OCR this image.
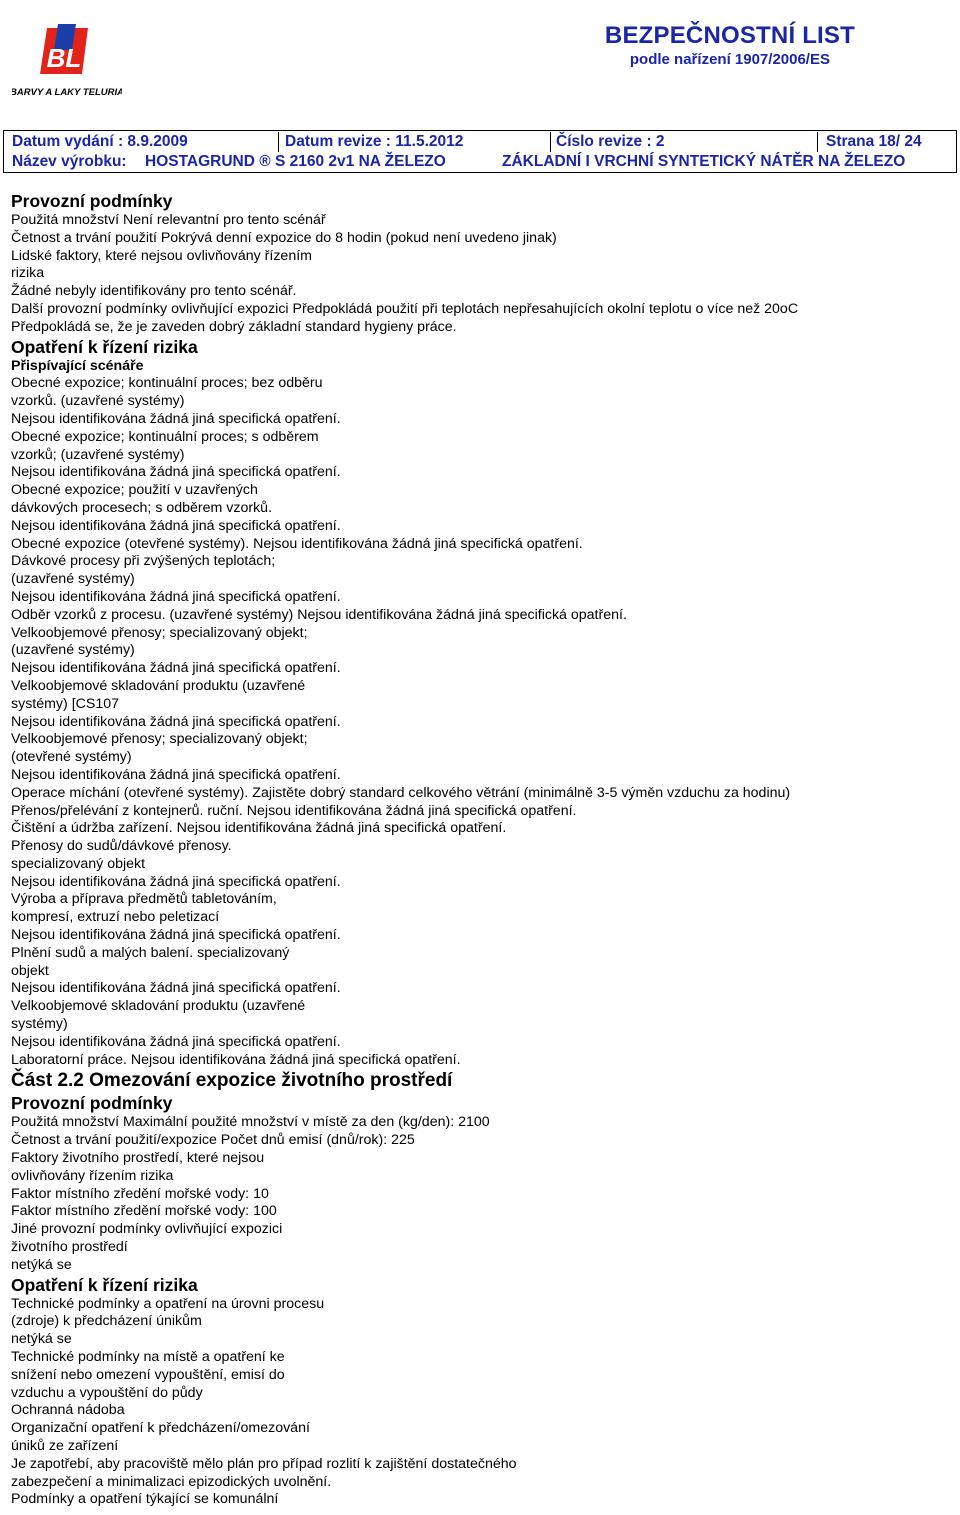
BL
BARVY A LAKY TELURIA
BEZPEČNOSTNÍ LIST
podle nařízení 1907/2006/ES
Datum vydání : 8.9.2009	Datum revize : 11.5.2012	Číslo revize : 2	Strana 18/ 24
Název výrobku: HOSTAGRUND ® S 2160 2v1 NA ŽELEZO	ZÁKLADNÍ I VRCHNÍ SYNTETICKÝ NÁTĚR NA ŽELEZO
Provozní podmínky
Použitá množství Není relevantní pro tento scénář
Četnost a trvání použití Pokrývá denní expozice do 8 hodin (pokud není uvedeno jinak)
Lidské faktory, které nejsou ovlivňovány řízením
rizika
Žádné nebyly identifikovány pro tento scénář.
Další provozní podmínky ovlivňující expozici Předpokládá použití při teplotách nepřesahujících okolní teplotu o více než 20oC
Předpokládá se, že je zaveden dobrý základní standard hygieny práce.
Opatření k řízení rizika
Přispívající scénáře
Obecné expozice; kontinuální proces; bez odběru
vzorků. (uzavřené systémy)
Nejsou identifikována žádná jiná specifická opatření.
Obecné expozice; kontinuální proces; s odběrem
vzorků; (uzavřené systémy)
Nejsou identifikována žádná jiná specifická opatření.
Obecné expozice; použití v uzavřených
dávkových procesech; s odběrem vzorků.
Nejsou identifikována žádná jiná specifická opatření.
Obecné expozice (otevřené systémy). Nejsou identifikována žádná jiná specifická opatření.
Dávkové procesy při zvýšených teplotách;
(uzavřené systémy)
Nejsou identifikována žádná jiná specifická opatření.
Odběr vzorků z procesu. (uzavřené systémy) Nejsou identifikována žádná jiná specifická opatření.
Velkoobjemové přenosy; specializovaný objekt;
(uzavřené systémy)
Nejsou identifikována žádná jiná specifická opatření.
Velkoobjemové skladování produktu (uzavřené
systémy) [CS107
Nejsou identifikována žádná jiná specifická opatření.
Velkoobjemové přenosy; specializovaný objekt;
(otevřené systémy)
Nejsou identifikována žádná jiná specifická opatření.
Operace míchání (otevřené systémy). Zajistěte dobrý standard celkového větrání (minimálně 3-5 výměn vzduchu za hodinu)
Přenos/přelévání z kontejnerů. ruční. Nejsou identifikována žádná jiná specifická opatření.
Čištění a údržba zařízení. Nejsou identifikována žádná jiná specifická opatření.
Přenosy do sudů/dávkové přenosy.
specializovaný objekt
Nejsou identifikována žádná jiná specifická opatření.
Výroba a příprava předmětů tabletováním,
kompresí, extruzí nebo peletizací
Nejsou identifikována žádná jiná specifická opatření.
Plnění sudů a malých balení. specializovaný
objekt
Nejsou identifikována žádná jiná specifická opatření.
Velkoobjemové skladování produktu (uzavřené
systémy)
Nejsou identifikována žádná jiná specifická opatření.
Laboratorní práce. Nejsou identifikována žádná jiná specifická opatření.
Část 2.2 Omezování expozice životního prostředí
Provozní podmínky
Použitá množství Maximální použité množství v místě za den (kg/den): 2100
Četnost a trvání použití/expozice Počet dnů emisí (dnů/rok): 225
Faktory životního prostředí, které nejsou
ovlivňovány řízením rizika
Faktor místního zředění mořské vody: 10
Faktor místního zředění mořské vody: 100
Jiné provozní podmínky ovlivňující expozici
životního prostředí
netýká se
Opatření k řízení rizika
Technické podmínky a opatření na úrovni procesu
(zdroje) k předcházení únikům
netýká se
Technické podmínky na místě a opatření ke
snížení nebo omezení vypouštění, emisí do
vzduchu a vypouštění do půdy
Ochranná nádoba
Organizační opatření k předcházení/omezování
úniků ze zařízení
Je zapotřebí, aby pracoviště mělo plán pro případ rozlití k zajištění dostatečného
zabezpečení a minimalizaci epizodických uvolnění.
Podmínky a opatření týkající se komunální
